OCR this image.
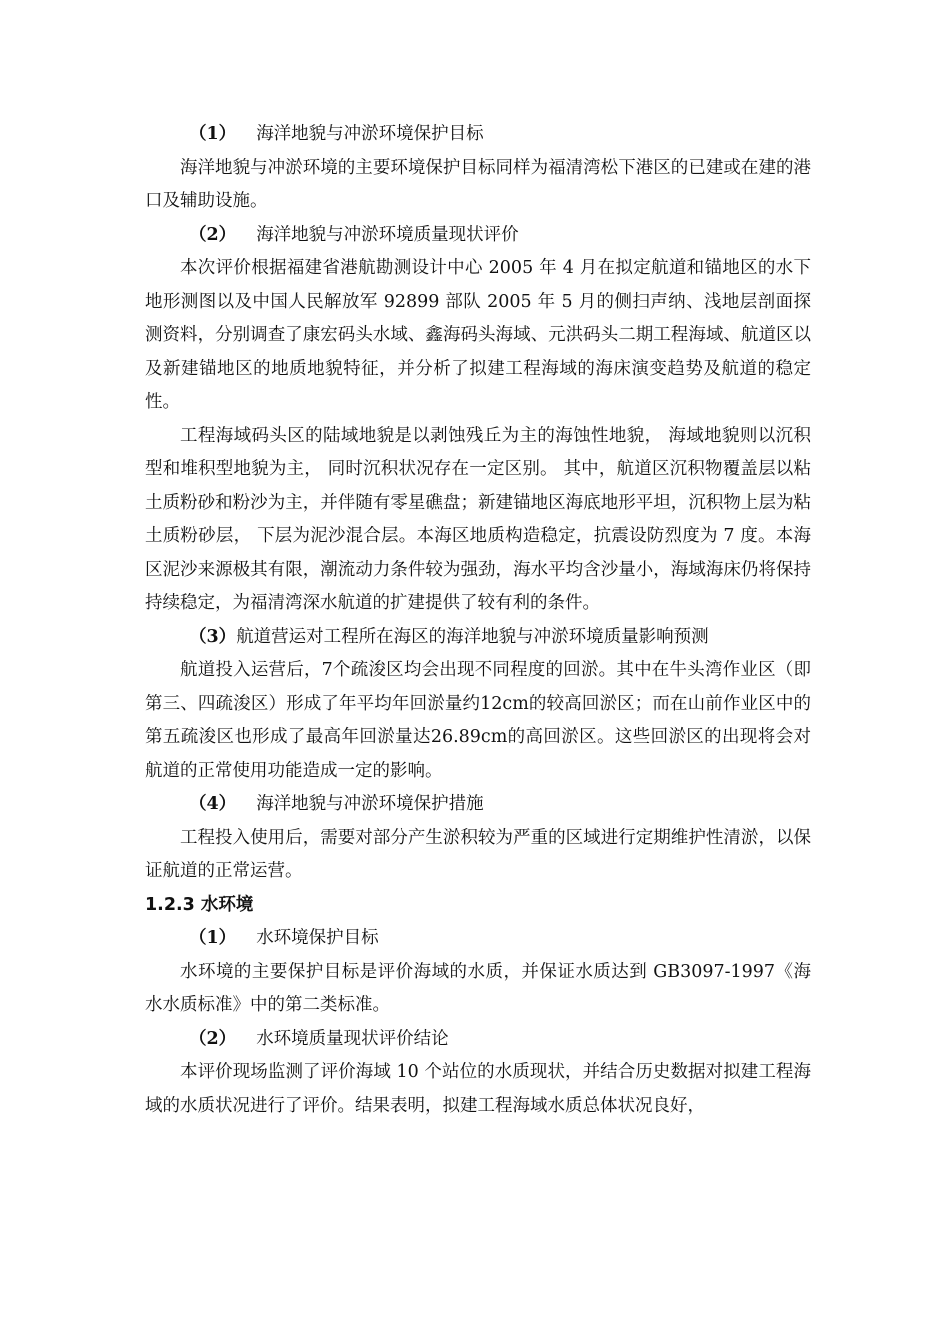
（1） 海洋地貌与冲淤环境保护目标

海洋地貌与冲淤环境的主要环境保护目标同样为福清湾松下港区的已建或在建的港口及辅助设施。

（2） 海洋地貌与冲淤环境质量现状评价

本次评价根据福建省港航勘测设计中心 2005 年 4 月在拟定航道和锚地区的水下地形测图以及中国人民解放军 92899 部队 2005 年 5 月的侧扫声纳、浅地层剖面探测资料，分别调查了康宏码头水域、鑫海码头海域、元洪码头二期工程海域、航道区以及新建锚地区的地质地貌特征，并分析了拟建工程海域的海床演变趋势及航道的稳定性。

工程海域码头区的陆域地貌是以剥蚀残丘为主的海蚀性地貌， 海域地貌则以沉积型和堆积型地貌为主， 同时沉积状况存在一定区别。 其中，航道区沉积物覆盖层以粘土质粉砂和粉沙为主，并伴随有零星礁盘；新建锚地区海底地形平坦，沉积物上层为粘土质粉砂层， 下层为泥沙混合层。本海区地质构造稳定，抗震设防烈度为 7 度。本海区泥沙来源极其有限，潮流动力条件较为强劲，海水平均含沙量小，海域海床仍将保持持续稳定，为福清湾深水航道的扩建提供了较有利的条件。

（3）航道营运对工程所在海区的海洋地貌与冲淤环境质量影响预测

航道投入运营后，7个疏浚区均会出现不同程度的回淤。其中在牛头湾作业区（即第三、四疏浚区）形成了年平均年回淤量约12cm的较高回淤区；而在山前作业区中的第五疏浚区也形成了最高年回淤量达26.89cm的高回淤区。这些回淤区的出现将会对航道的正常使用功能造成一定的影响。

（4） 海洋地貌与冲淤环境保护措施

工程投入使用后，需要对部分产生淤积较为严重的区域进行定期维护性清淤，以保证航道的正常运营。

1.2.3 水环境

（1） 水环境保护目标

水环境的主要保护目标是评价海域的水质，并保证水质达到 GB3097-1997《海水水质标准》中的第二类标准。

（2） 水环境质量现状评价结论

本评价现场监测了评价海域 10 个站位的水质现状，并结合历史数据对拟建工程海域的水质状况进行了评价。结果表明，拟建工程海域水质总体状况良好，
